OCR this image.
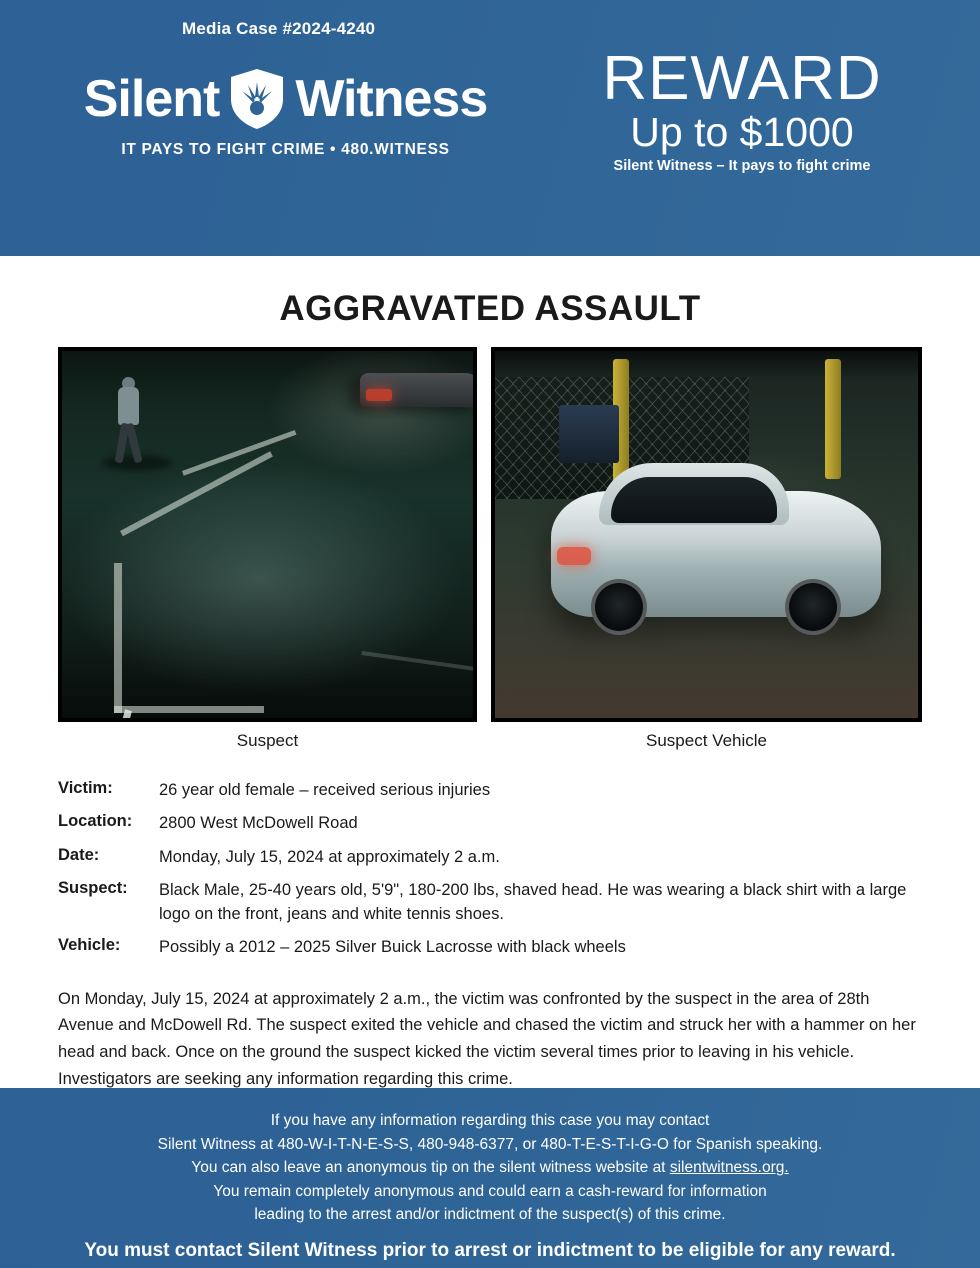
Media Case #2024-4240
Silent Witness
IT PAYS TO FIGHT CRIME • 480.WITNESS
REWARD
Up to $1000
Silent Witness – It pays to fight crime
AGGRAVATED ASSAULT
Suspect	Suspect Vehicle
Victim:	26 year old female – received serious injuries
Location:	2800 West McDowell Road
Date:	Monday, July 15, 2024 at approximately 2 a.m.
Suspect:	Black Male, 25-40 years old, 5'9", 180-200 lbs, shaved head. He was wearing a black shirt with a large logo on the front, jeans and white tennis shoes.
Vehicle:	Possibly a 2012 – 2025 Silver Buick Lacrosse with black wheels
On Monday, July 15, 2024 at approximately 2 a.m., the victim was confronted by the suspect in the area of 28th Avenue and McDowell Rd. The suspect exited the vehicle and chased the victim and struck her with a hammer on her head and back. Once on the ground the suspect kicked the victim several times prior to leaving in his vehicle. Investigators are seeking any information regarding this crime.
If you have any information regarding this case you may contact
Silent Witness at 480-W-I-T-N-E-S-S, 480-948-6377, or 480-T-E-S-T-I-G-O for Spanish speaking.
You can also leave an anonymous tip on the silent witness website at silentwitness.org.
You remain completely anonymous and could earn a cash-reward for information
leading to the arrest and/or indictment of the suspect(s) of this crime.
You must contact Silent Witness prior to arrest or indictment to be eligible for any reward.
